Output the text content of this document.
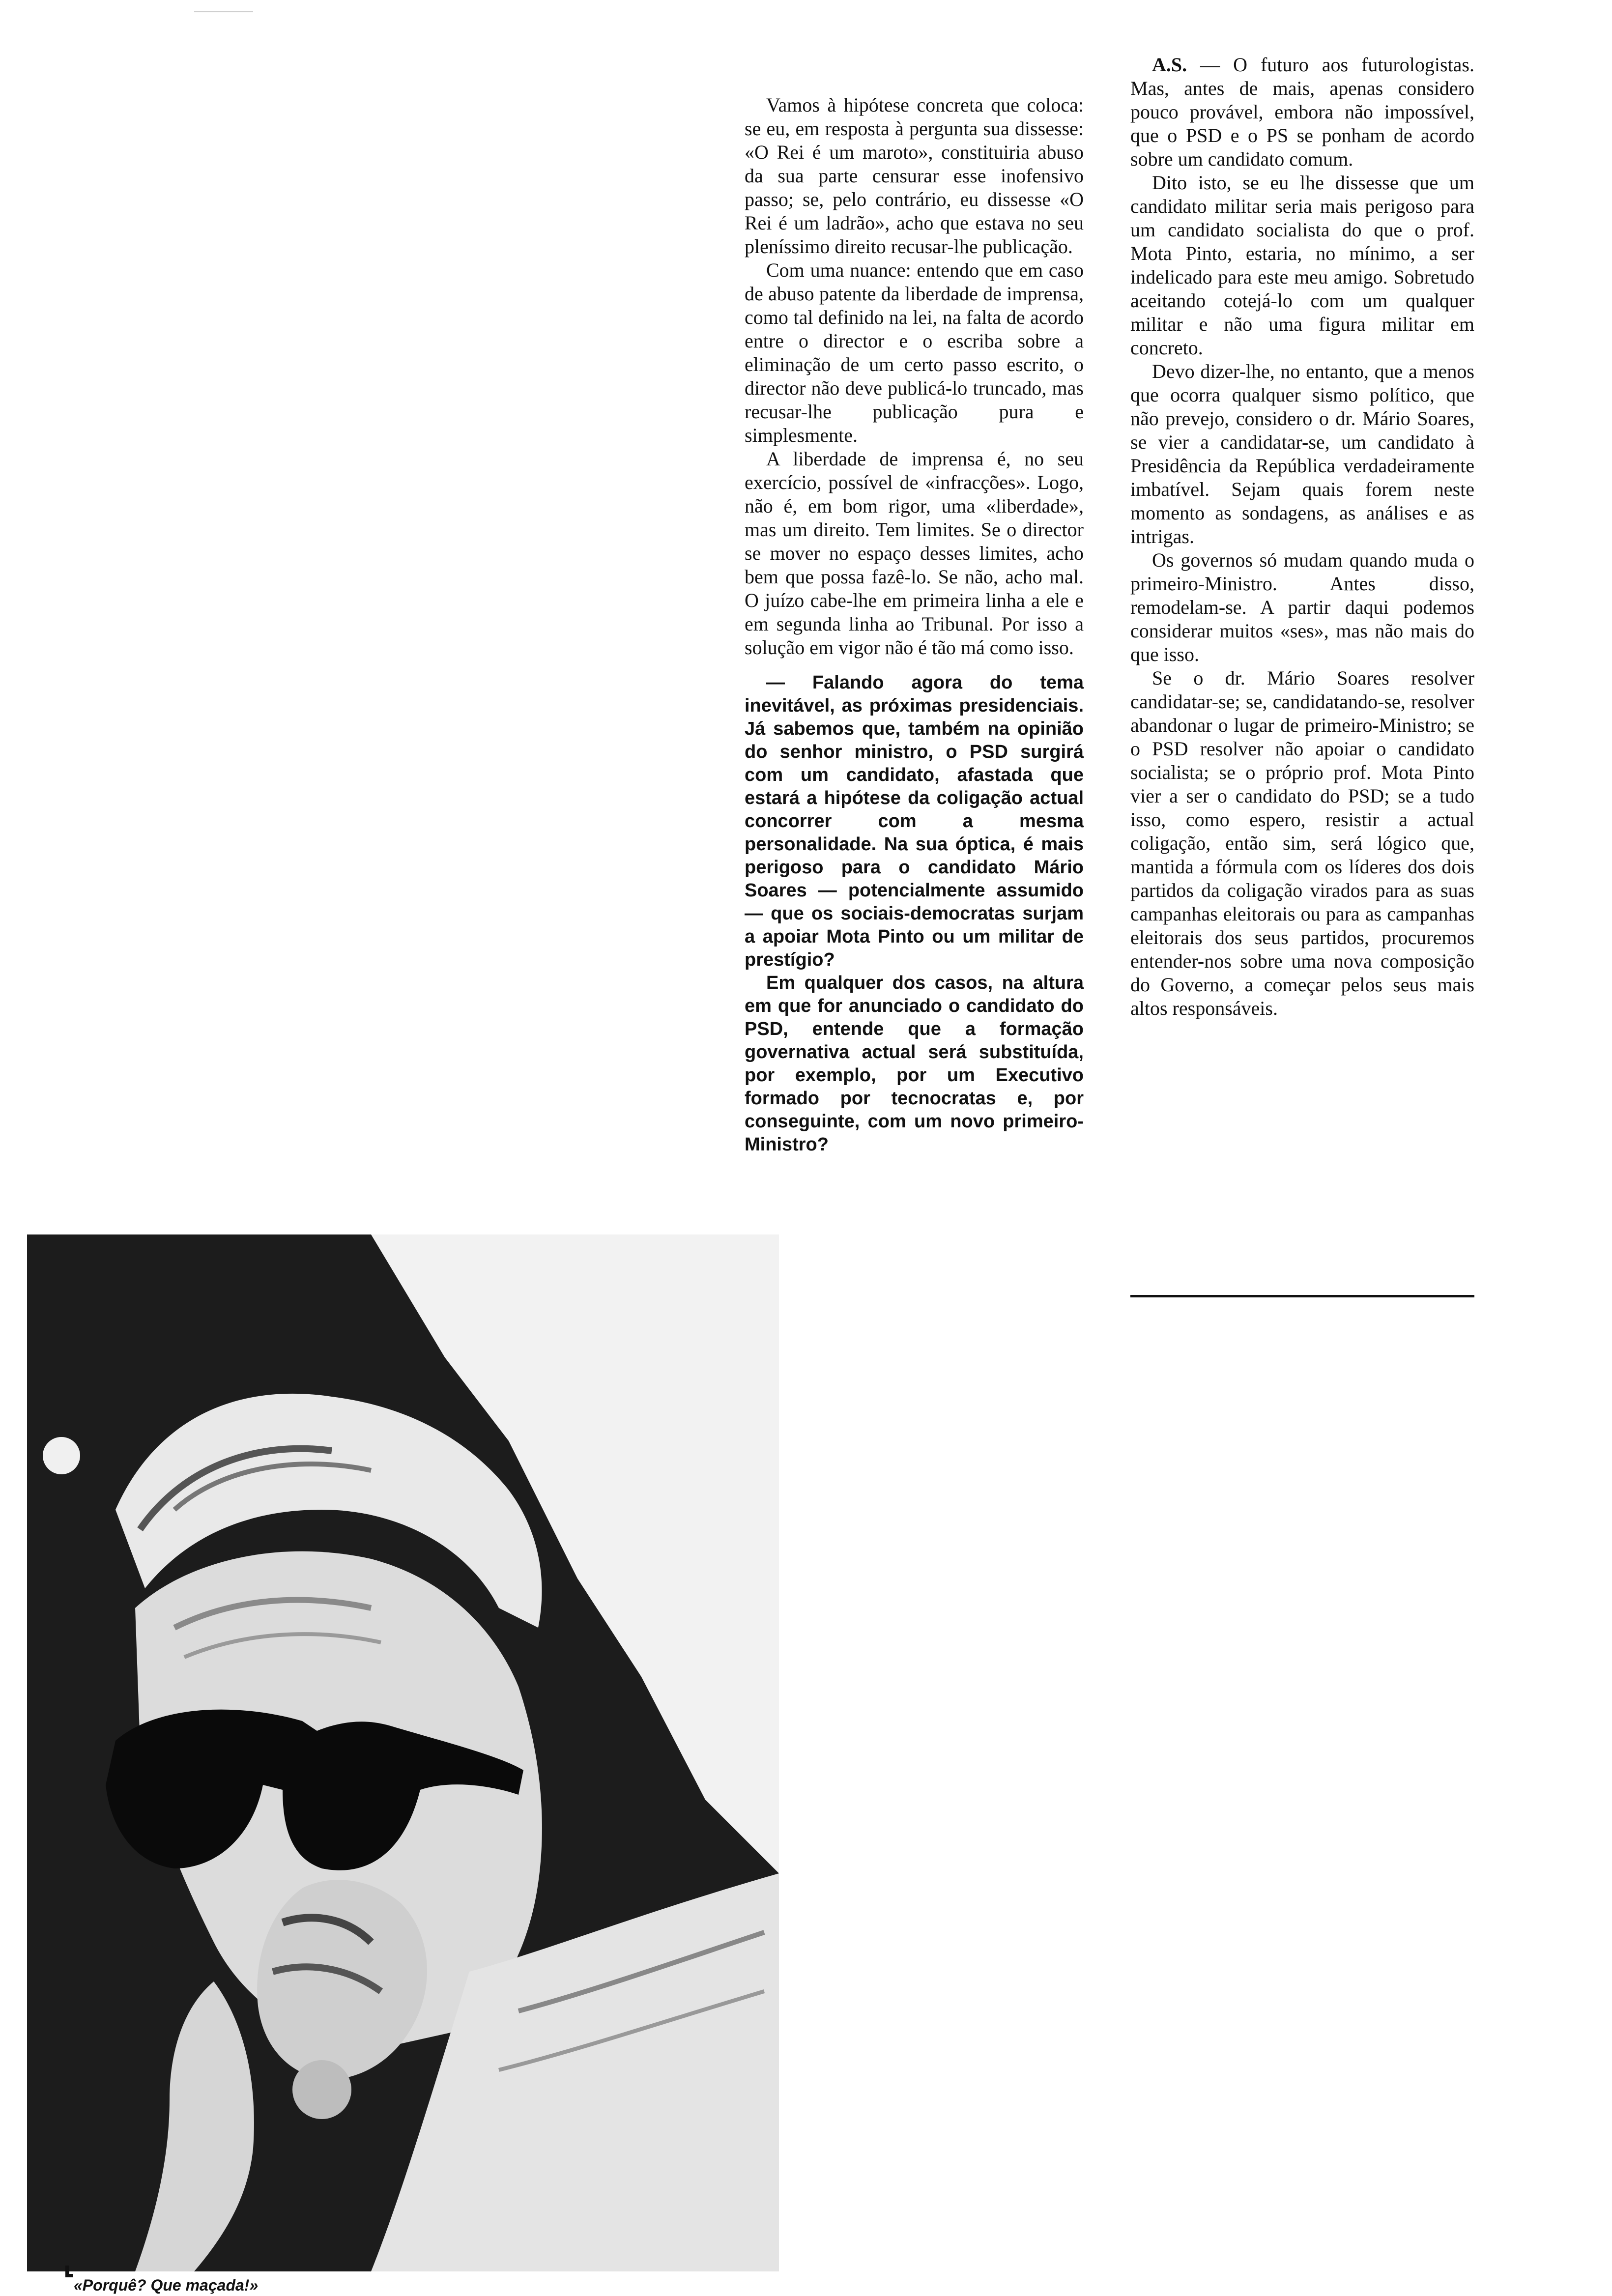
Vamos à hipótese concreta que coloca: se eu, em resposta à pergunta sua dissesse: «O Rei é um maroto», constituiria abuso da sua parte censurar esse inofensivo passo; se, pelo contrário, eu dissesse «O Rei é um ladrão», acho que estava no seu pleníssimo direito recusar-lhe publicação.

Com uma nuance: entendo que em caso de abuso patente da liberdade de imprensa, como tal definido na lei, na falta de acordo entre o director e o escriba sobre a eliminação de um certo passo escrito, o director não deve publicá-lo truncado, mas recusar-lhe publicação pura e simplesmente.

A liberdade de imprensa é, no seu exercício, possível de «infracções». Logo, não é, em bom rigor, uma «liberdade», mas um direito. Tem limites. Se o director se mover no espaço desses limites, acho bem que possa fazê-lo. Se não, acho mal. O juízo cabe-lhe em primeira linha a ele e em segunda linha ao Tribunal. Por isso a solução em vigor não é tão má como isso.

— Falando agora do tema inevitável, as próximas presidenciais. Já sabemos que, também na opinião do senhor ministro, o PSD surgirá com um candidato, afastada que estará a hipótese da coligação actual concorrer com a mesma personalidade. Na sua óptica, é mais perigoso para o candidato Mário Soares — potencialmente assumido — que os sociais-democratas surjam a apoiar Mota Pinto ou um militar de prestígio?

Em qualquer dos casos, na altura em que for anunciado o candidato do PSD, entende que a formação governativa actual será substituída, por exemplo, por um Executivo formado por tecnocratas e, por conseguinte, com um novo primeiro-Ministro?

A.S. — O futuro aos futurologistas. Mas, antes de mais, apenas considero pouco provável, embora não impossível, que o PSD e o PS se ponham de acordo sobre um candidato comum.

Dito isto, se eu lhe dissesse que um candidato militar seria mais perigoso para um candidato socialista do que o prof. Mota Pinto, estaria, no mínimo, a ser indelicado para este meu amigo. Sobretudo aceitando cotejá-lo com um qualquer militar e não uma figura militar em concreto.

Devo dizer-lhe, no entanto, que a menos que ocorra qualquer sismo político, que não prevejo, considero o dr. Mário Soares, se vier a candidatar-se, um candidato à Presidência da República verdadeiramente imbatível. Sejam quais forem neste momento as sondagens, as análises e as intrigas.

Os governos só mudam quando muda o primeiro-Ministro. Antes disso, remodelam-se. A partir daqui podemos considerar muitos «ses», mas não mais do que isso.

Se o dr. Mário Soares resolver candidatar-se; se, candidatando-se, resolver abandonar o lugar de primeiro-Ministro; se o PSD resolver não apoiar o candidato socialista; se o próprio prof. Mota Pinto vier a ser o candidato do PSD; se a tudo isso, como espero, resistir a actual coligação, então sim, será lógico que, mantida a fórmula com os líderes dos dois partidos da coligação virados para as suas campanhas eleitorais ou para as campanhas eleitorais dos seus partidos, procuremos entender-nos sobre uma nova composição do Governo, a começar pelos seus mais altos responsáveis.

«Porquê? Que maçada!»
